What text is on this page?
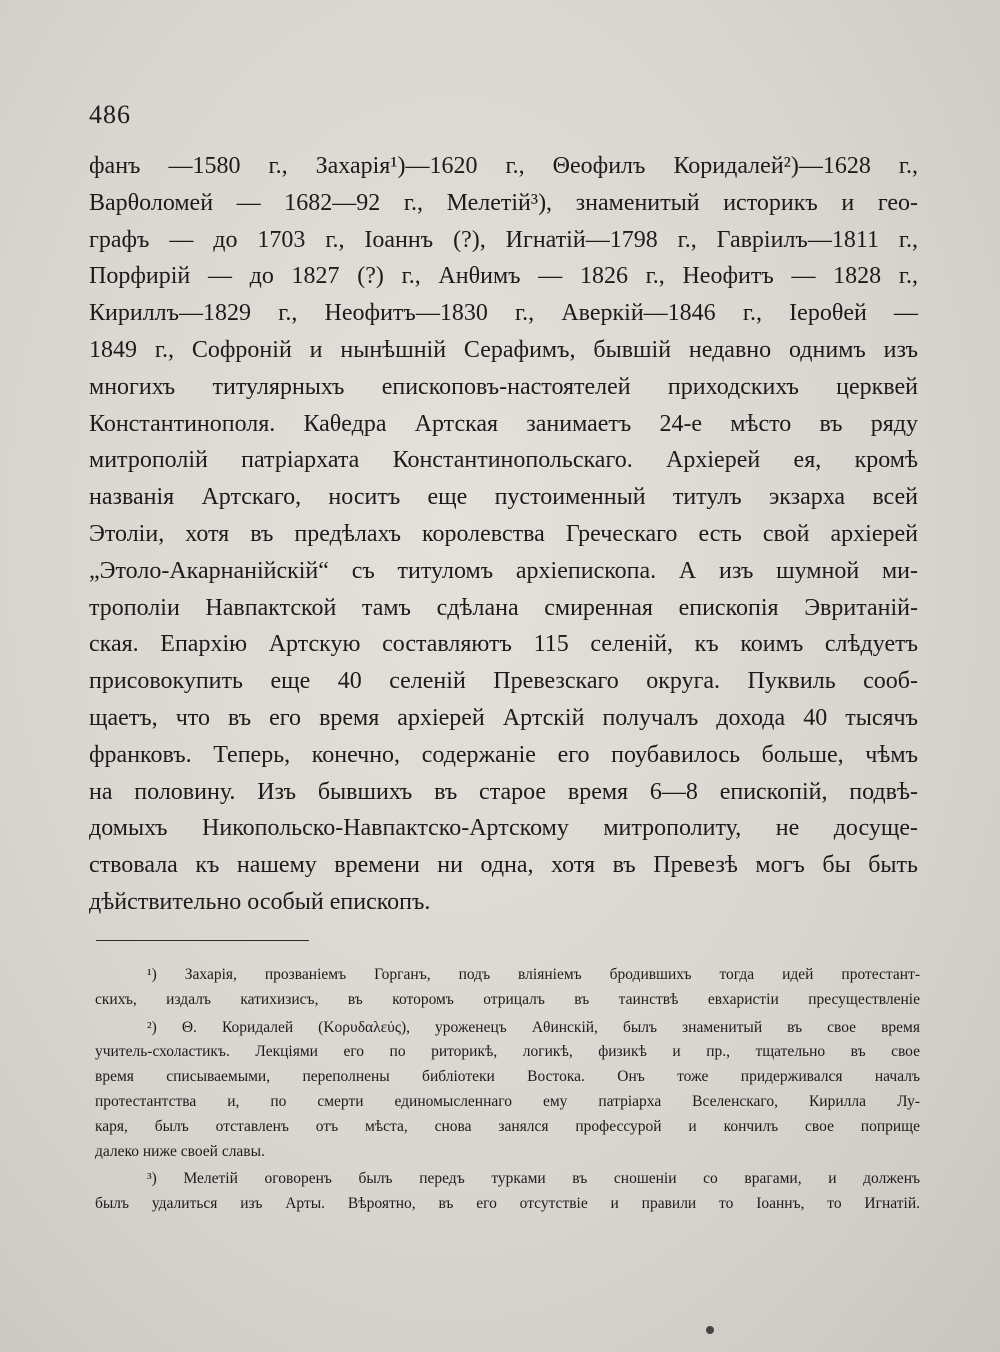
486
фанъ —1580 г., Захарія¹)—1620 г., Θеофилъ Коридалей²)—1628 г.,
Варθоломей — 1682—92 г., Мелетій³), знаменитый историкъ и гео-
графъ — до 1703 г., Іоаннъ (?), Игнатій—1798 г., Гавріилъ—1811 г.,
Порфирій — до 1827 (?) г., Анθимъ — 1826 г., Неофитъ — 1828 г.,
Кириллъ—1829 г., Неофитъ—1830 г., Аверкій—1846 г., Іероθей —
1849 г., Софроній и нынѣшній Серафимъ, бывшій недавно однимъ изъ
многихъ титулярныхъ епископовъ-настоятелей приходскихъ церквей
Константинополя. Каθедра Артская занимаетъ 24-е мѣсто въ ряду
митрополій патріархата Константинопольскаго. Архіерей ея, кромѣ
названія Артскаго, носитъ еще пустоименный титулъ экзарха всей
Этоліи, хотя въ предѣлахъ королевства Греческаго есть свой архіерей
„Этоло-Акарнанійскій“ съ титуломъ архіепископа. А изъ шумной ми-
трополіи Навпактской тамъ сдѣлана смиренная епископія Эвританій-
ская. Епархію Артскую составляютъ 115 селеній, къ коимъ слѣдуетъ
присовокупить еще 40 селеній Превезскаго округа. Пуквиль сооб-
щаетъ, что въ его время архіерей Артскій получалъ дохода 40 тысячъ
франковъ. Теперь, конечно, содержаніе его поубавилось больше, чѣмъ
на половину. Изъ бывшихъ въ старое время 6—8 епископій, подвѣ-
домыхъ Никопольско-Навпактско-Артскому митрополиту, не досуще-
ствовала къ нашему времени ни одна, хотя въ Превезѣ могъ бы быть
дѣйствительно особый епископъ.
¹) Захарія, прозваніемъ Горганъ, подъ вліяніемъ бродившихъ тогда идей протестант-
скихъ, издалъ катихизисъ, въ которомъ отрицалъ въ таинствѣ евхаристіи пресуществленіе
²) Θ. Коридалей (Κορυδαλεύς), уроженецъ Аθинскій, былъ знаменитый въ свое время
учитель-схоластикъ. Лекціями его по риторикѣ, логикѣ, физикѣ и пр., тщательно въ свое
время списываемыми, переполнены библіотеки Востока. Онъ тоже придерживался началъ
протестантства и, по смерти единомысленнаго ему патріарха Вселенскаго, Кирилла Лу-
каря, былъ отставленъ отъ мѣста, снова занялся профессурой и кончилъ свое поприще
далеко ниже своей славы.
³) Мелетій оговоренъ былъ передъ турками въ сношеніи со врагами, и долженъ
былъ удалиться изъ Арты. Вѣроятно, въ его отсутствіе и правили то Іоаннъ, то Игнатій.
